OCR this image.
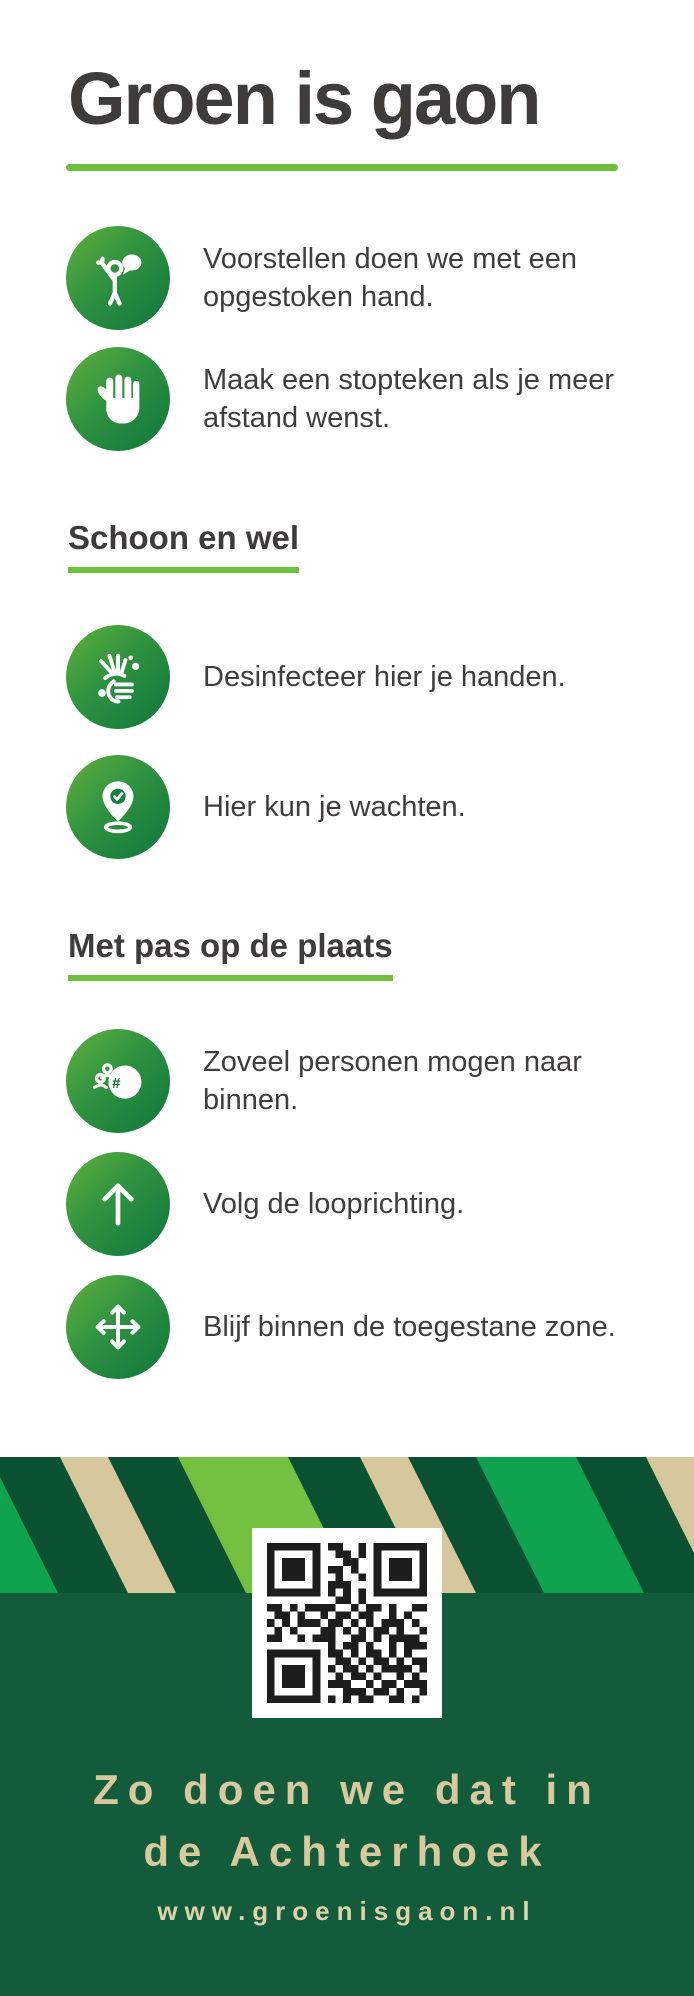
Groen is gaon
Voorstellen doen we met een opgestoken hand.
Maak een stopteken als je meer afstand wenst.
Schoon en wel
Desinfecteer hier je handen.
Hier kun je wachten.
Met pas op de plaats
#
Zoveel personen mogen naar binnen.
Volg de looprichting.
Blijf binnen de toegestane zone.
Zo doen we dat in
de Achterhoek
www.groenisgaon.nl
